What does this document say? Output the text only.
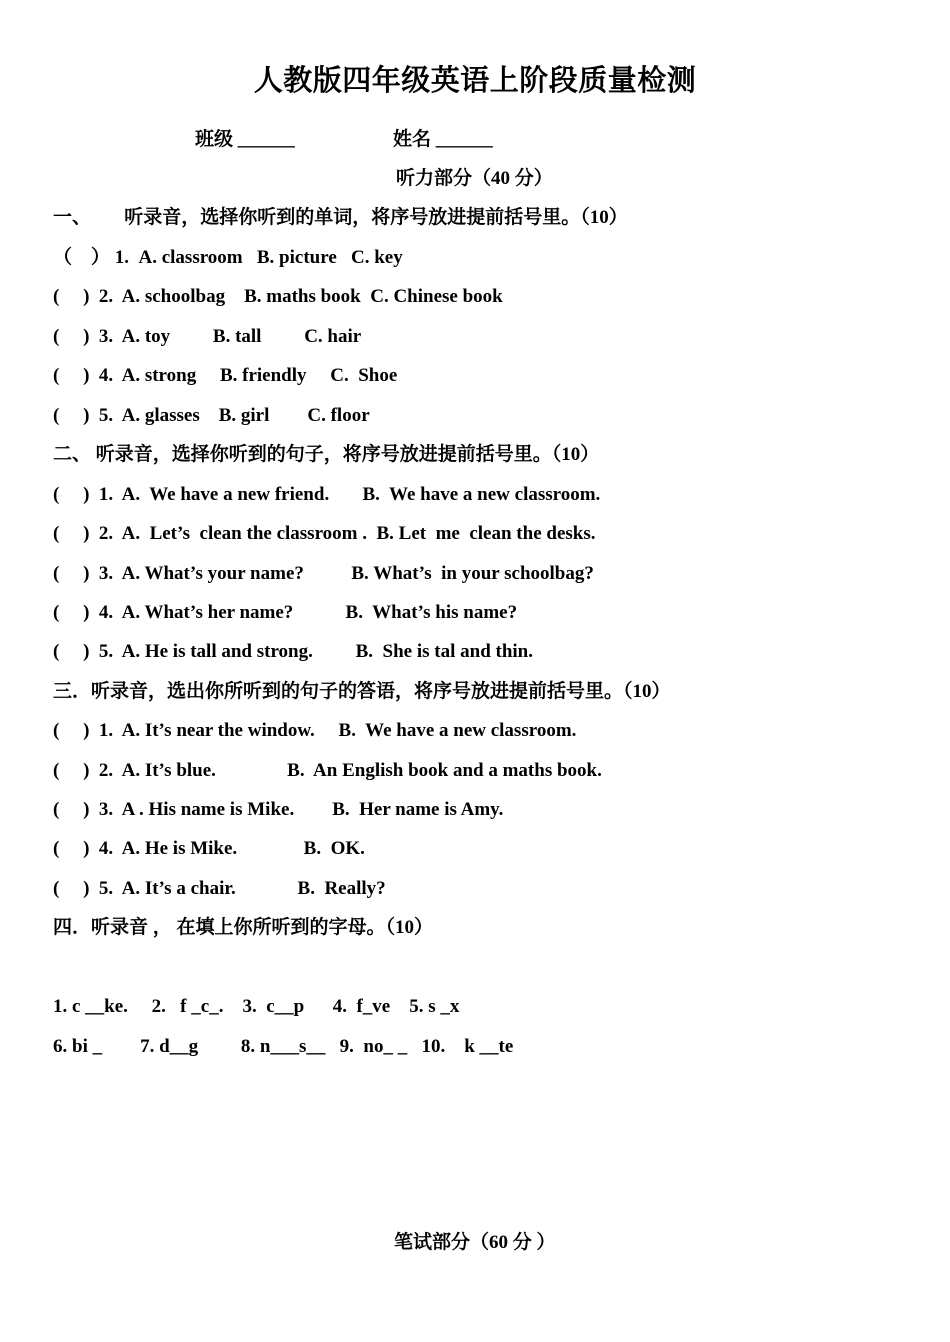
人教版四年级英语上阶段质量检测
班级 ______	姓名 ______
听力部分（40 分）
一、       听录音，选择你听到的单词，将序号放进提前括号里。（10）
（    ） 1.  A. classroom   B. picture   C. key
(     )  2.  A. schoolbag    B. maths book  C. Chinese book
(     )  3.  A. toy         B. tall         C. hair
(     )  4.  A. strong     B. friendly     C.  Shoe
(     )  5.  A. glasses    B. girl        C. floor
二、 听录音，选择你听到的句子，将序号放进提前括号里。（10）
(     )  1.  A.  We have a new friend.       B.  We have a new classroom.
(     )  2.  A.  Let’s  clean the classroom .  B. Let  me  clean the desks.
(     )  3.  A. What’s your name?          B. What’s  in your schoolbag?
(     )  4.  A. What’s her name?           B.  What’s his name?
(     )  5.  A. He is tall and strong.         B.  She is tal and thin.
三．听录音，选出你所听到的句子的答语，将序号放进提前括号里。（10）
(     )  1.  A. It’s near the window.     B.  We have a new classroom.
(     )  2.  A. It’s blue.               B.  An English book and a maths book.
(     )  3.  A . His name is Mike.        B.  Her name is Amy.
(     )  4.  A. He is Mike.              B.  OK.
(     )  5.  A. It’s a chair.             B.  Really?
四．听录音 ， 在填上你所听到的字母。（10）
1. c __ke.     2.   f _c_.    3.  c__p      4.  f_ve    5. s _x
6. bi _        7. d__g         8. n___s__   9.  no_ _   10.    k __te
笔试部分（60 分 ）
